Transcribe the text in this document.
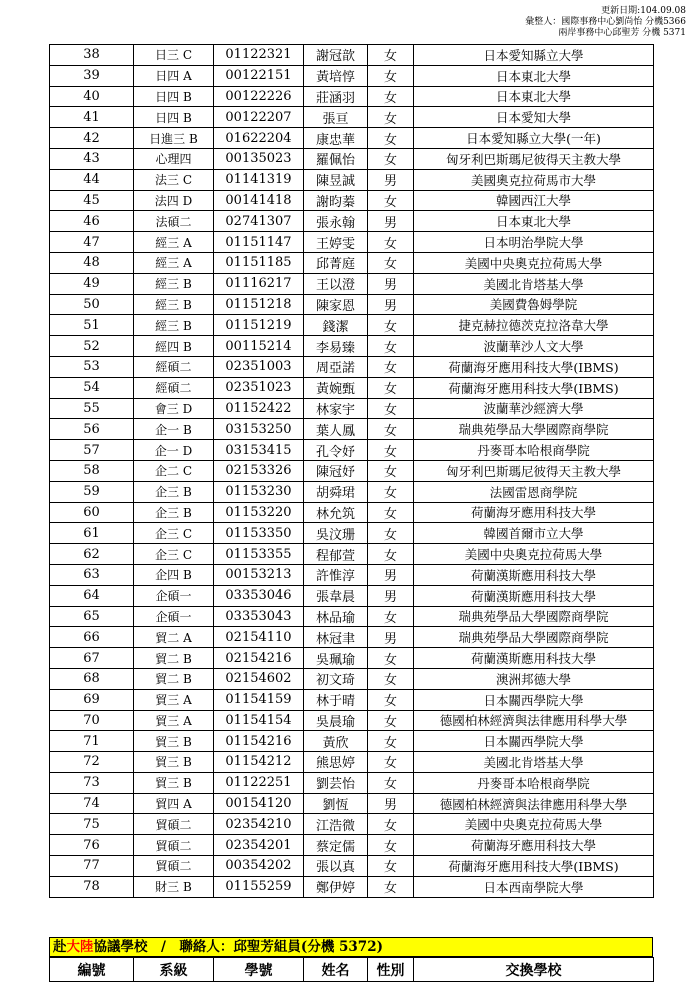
更新日期:104.09.08
彙整人：國際事務中心劉尚怡 分機5366
兩岸事務中心邱聖芳 分機 5371
38	日三 C	01122321	謝冠歆	女	日本愛知縣立大學
39	日四 A	00122151	黃培惇	女	日本東北大學
40	日四 B	00122226	莊涵羽	女	日本東北大學
41	日四 B	00122207	張亘	女	日本愛知大學
42	日進三 B	01622204	康忠華	女	日本愛知縣立大學(一年)
43	心理四	00135023	羅佩怡	女	匈牙利巴斯瑪尼彼得天主教大學
44	法三 C	01141319	陳昱誠	男	美國奧克拉荷馬市大學
45	法四 D	00141418	謝昀蓁	女	韓國西江大學
46	法碩二	02741307	張永翰	男	日本東北大學
47	經三 A	01151147	王婷雯	女	日本明治學院大學
48	經三 A	01151185	邱菁庭	女	美國中央奧克拉荷馬大學
49	經三 B	01116217	王以澄	男	美國北肯塔基大學
50	經三 B	01151218	陳家恩	男	美國費魯姆學院
51	經三 B	01151219	錢潔	女	捷克赫拉德茨克拉洛韋大學
52	經四 B	00115214	李易臻	女	波蘭華沙人文大學
53	經碩二	02351003	周亞諾	女	荷蘭海牙應用科技大學(IBMS)
54	經碩二	02351023	黃婉甄	女	荷蘭海牙應用科技大學(IBMS)
55	會三 D	01152422	林家宇	女	波蘭華沙經濟大學
56	企一 B	03153250	葉人鳳	女	瑞典苑學品大學國際商學院
57	企一 D	03153415	孔令妤	女	丹麥哥本哈根商學院
58	企二 C	02153326	陳冠妤	女	匈牙利巴斯瑪尼彼得天主教大學
59	企三 B	01153230	胡舜珺	女	法國雷恩商學院
60	企三 B	01153220	林允筑	女	荷蘭海牙應用科技大學
61	企三 C	01153350	吳汶珊	女	韓國首爾市立大學
62	企三 C	01153355	程郁萱	女	美國中央奧克拉荷馬大學
63	企四 B	00153213	許惟淳	男	荷蘭漢斯應用科技大學
64	企碩一	03353046	張韋晨	男	荷蘭漢斯應用科技大學
65	企碩一	03353043	林品瑜	女	瑞典苑學品大學國際商學院
66	貿二 A	02154110	林冠聿	男	瑞典苑學品大學國際商學院
67	貿二 B	02154216	吳珮瑜	女	荷蘭漢斯應用科技大學
68	貿二 B	02154602	初文琦	女	澳洲邦德大學
69	貿三 A	01154159	林于晴	女	日本關西學院大學
70	貿三 A	01154154	吳晨瑜	女	德國柏林經濟與法律應用科學大學
71	貿三 B	01154216	黃欣	女	日本關西學院大學
72	貿三 B	01154212	熊思婷	女	美國北肯塔基大學
73	貿三 B	01122251	劉芸怡	女	丹麥哥本哈根商學院
74	貿四 A	00154120	劉恆	男	德國柏林經濟與法律應用科學大學
75	貿碩二	02354210	江浩微	女	美國中央奧克拉荷馬大學
76	貿碩二	02354201	蔡定儒	女	荷蘭海牙應用科技大學
77	貿碩二	00354202	張以真	女	荷蘭海牙應用科技大學(IBMS)
78	財三 B	01155259	鄭伊婷	女	日本西南學院大學
赴大陸協議學校　/　聯絡人：邱聖芳組員(分機 5372)
編號	系級	學號	姓名	性別	交換學校
